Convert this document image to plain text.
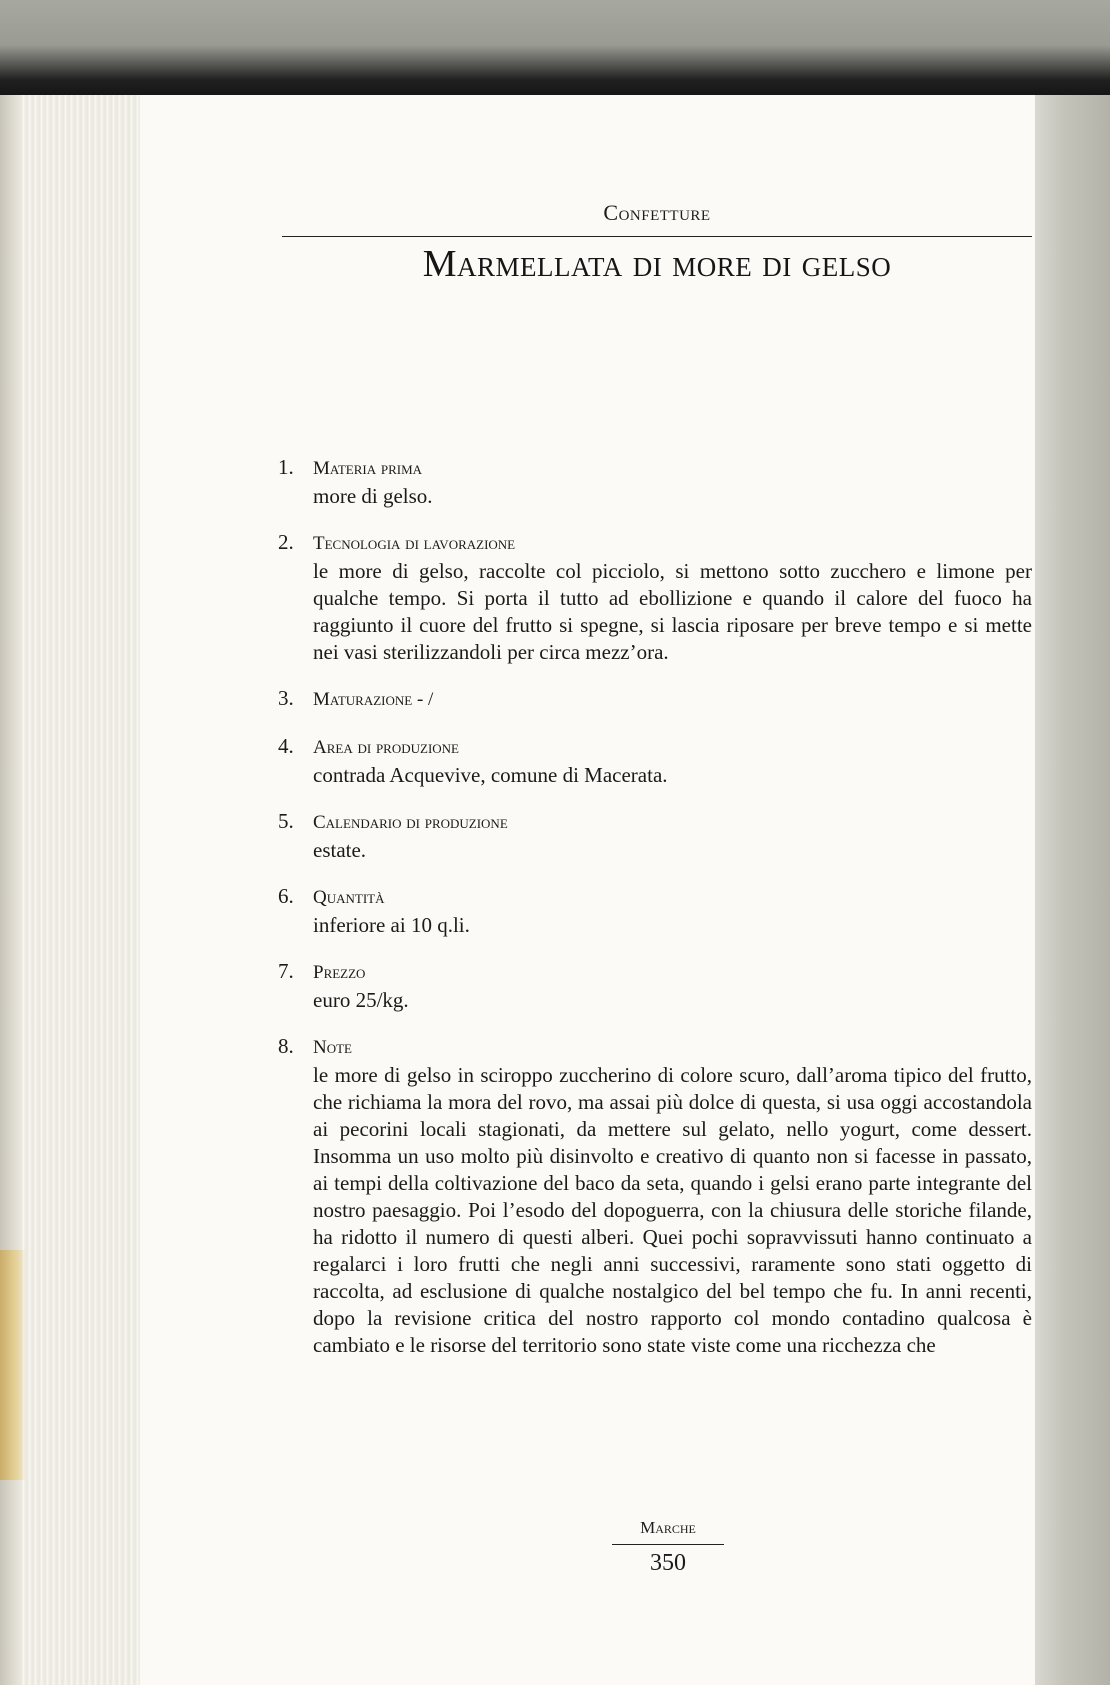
Confetture
Marmellata di more di gelso
1. Materia prima
more di gelso.
2. Tecnologia di lavorazione
le more di gelso, raccolte col picciolo, si mettono sotto zucchero e limone per qualche tempo. Si porta il tutto ad ebollizione e quando il calore del fuoco ha raggiunto il cuore del frutto si spegne, si lascia riposare per breve tempo e si mette nei vasi sterilizzandoli per circa mezz’ora.
3. Maturazione - /
4. Area di produzione
contrada Acquevive, comune di Macerata.
5. Calendario di produzione
estate.
6. Quantità
inferiore ai 10 q.li.
7. Prezzo
euro 25/kg.
8. Note
le more di gelso in sciroppo zuccherino di colore scuro, dall’aroma tipico del frutto, che richiama la mora del rovo, ma assai più dolce di questa, si usa oggi accostandola ai pecorini locali stagionati, da mettere sul gelato, nello yogurt, come dessert. Insomma un uso molto più disinvolto e creativo di quanto non si facesse in passato, ai tempi della coltivazione del baco da seta, quando i gelsi erano parte integrante del nostro paesaggio. Poi l’esodo del dopoguerra, con la chiusura delle storiche filande, ha ridotto il numero di questi alberi. Quei pochi sopravvissuti hanno continuato a regalarci i loro frutti che negli anni successivi, raramente sono stati oggetto di raccolta, ad esclusione di qualche nostalgico del bel tempo che fu. In anni recenti, dopo la revisione critica del nostro rapporto col mondo contadino qualcosa è cambiato e le risorse del territorio sono state viste come una ricchezza che
Marche
350
